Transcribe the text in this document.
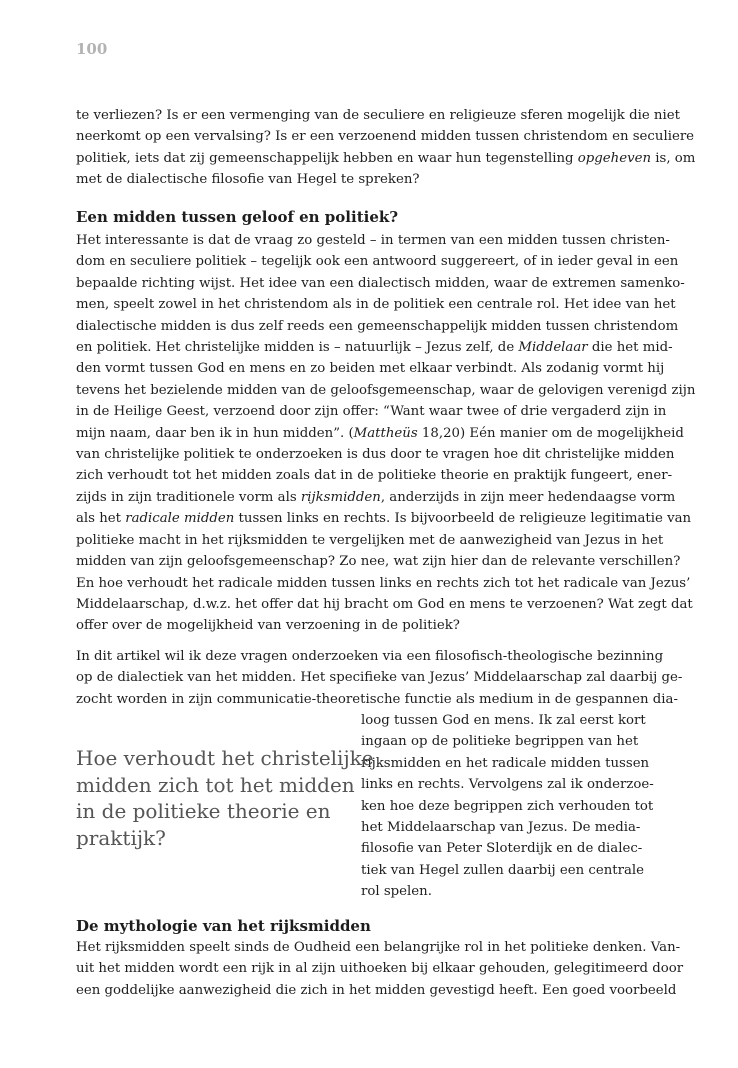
100
te verliezen? Is er een vermenging van de seculiere en religieuze sferen mogelijk die niet
neerkomt op een vervalsing? Is er een verzoenend midden tussen christendom en seculiere
politiek, iets dat zij gemeenschappelijk hebben en waar hun tegenstelling opgeheven is, om
met de dialectische filosofie van Hegel te spreken?
Een midden tussen geloof en politiek?
Het interessante is dat de vraag zo gesteld – in termen van een midden tussen christen-
dom en seculiere politiek – tegelijk ook een antwoord suggereert, of in ieder geval in een
bepaalde richting wijst. Het idee van een dialectisch midden, waar de extremen samenko-
men, speelt zowel in het christendom als in de politiek een centrale rol. Het idee van het
dialectische midden is dus zelf reeds een gemeenschappelijk midden tussen christendom
en politiek. Het christelijke midden is – natuurlijk – Jezus zelf, de Middelaar die het mid-
den vormt tussen God en mens en zo beiden met elkaar verbindt. Als zodanig vormt hij
tevens het bezielende midden van de geloofsgemeenschap, waar de gelovigen verenigd zijn
in de Heilige Geest, verzoend door zijn offer: “Want waar twee of drie vergaderd zijn in
mijn naam, daar ben ik in hun midden”. (Mattheüs 18,20) Eén manier om de mogelijkheid
van christelijke politiek te onderzoeken is dus door te vragen hoe dit christelijke midden
zich verhoudt tot het midden zoals dat in de politieke theorie en praktijk fungeert, ener-
zijds in zijn traditionele vorm als rijksmidden, anderzijds in zijn meer hedendaagse vorm
als het radicale midden tussen links en rechts. Is bijvoorbeeld de religieuze legitimatie van
politieke macht in het rijksmidden te vergelijken met de aanwezigheid van Jezus in het
midden van zijn geloofsgemeenschap? Zo nee, wat zijn hier dan de relevante verschillen?
En hoe verhoudt het radicale midden tussen links en rechts zich tot het radicale van Jezus’
Middelaarschap, d.w.z. het offer dat hij bracht om God en mens te verzoenen? Wat zegt dat
offer over de mogelijkheid van verzoening in de politiek?
In dit artikel wil ik deze vragen onderzoeken via een filosofisch-theologische bezinning
op de dialectiek van het midden. Het specifieke van Jezus’ Middelaarschap zal daarbij ge-
zocht worden in zijn communicatie-theoretische functie als medium in de gespannen dia-
loog tussen God en mens. Ik zal eerst kort
ingaan op de politieke begrippen van het
rijksmidden en het radicale midden tussen
links en rechts. Vervolgens zal ik onderzoe-
ken hoe deze begrippen zich verhouden tot
het Middelaarschap van Jezus. De media-
filosofie van Peter Sloterdijk en de dialec-
tiek van Hegel zullen daarbij een centrale
rol spelen.
Hoe verhoudt het christelijke
midden zich tot het midden
in de politieke theorie en
praktijk?
De mythologie van het rijksmidden
Het rijksmidden speelt sinds de Oudheid een belangrijke rol in het politieke denken. Van-
uit het midden wordt een rijk in al zijn uithoeken bij elkaar gehouden, gelegitimeerd door
een goddelijke aanwezigheid die zich in het midden gevestigd heeft. Een goed voorbeeld
